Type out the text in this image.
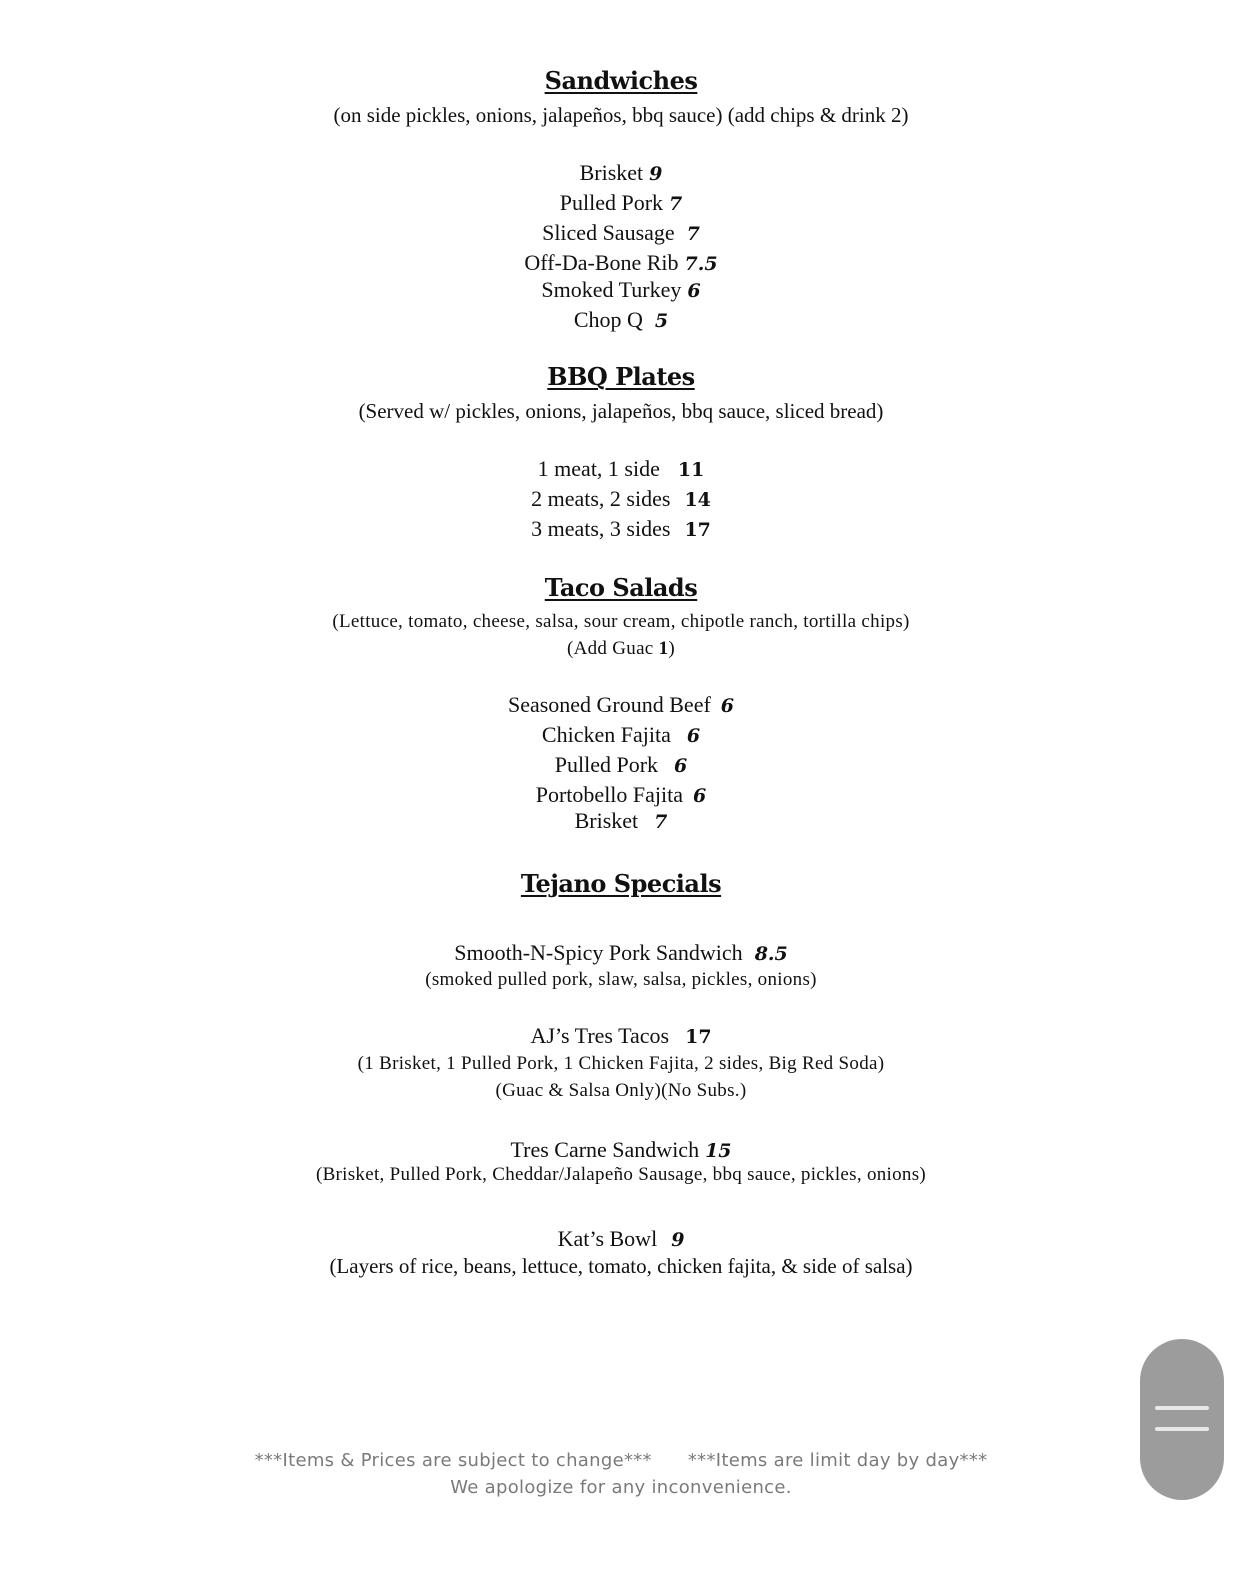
Sandwiches
(on side pickles, onions, jalapeños, bbq sauce) (add chips & drink 2)
Brisket 9
Pulled Pork 7
Sliced Sausage 7
Off-Da-Bone Rib 7.5
Smoked Turkey 6
Chop Q 5
BBQ Plates
(Served w/ pickles, onions, jalapeños, bbq sauce, sliced bread)
1 meat, 1 side 11
2 meats, 2 sides 14
3 meats, 3 sides 17
Taco Salads
(Lettuce, tomato, cheese, salsa, sour cream, chipotle ranch, tortilla chips)
(Add Guac 1)
Seasoned Ground Beef 6
Chicken Fajita 6
Pulled Pork 6
Portobello Fajita 6
Brisket 7
Tejano Specials
Smooth-N-Spicy Pork Sandwich 8.5
(smoked pulled pork, slaw, salsa, pickles, onions)
AJ’s Tres Tacos 17
(1 Brisket, 1 Pulled Pork, 1 Chicken Fajita, 2 sides, Big Red Soda)
(Guac & Salsa Only)(No Subs.)
Tres Carne Sandwich 15
(Brisket, Pulled Pork, Cheddar/Jalapeño Sausage, bbq sauce, pickles, onions)
Kat’s Bowl 9
(Layers of rice, beans, lettuce, tomato, chicken fajita, & side of salsa)
***Items & Prices are subject to change*** ***Items are limit day by day***
We apologize for any inconvenience.
